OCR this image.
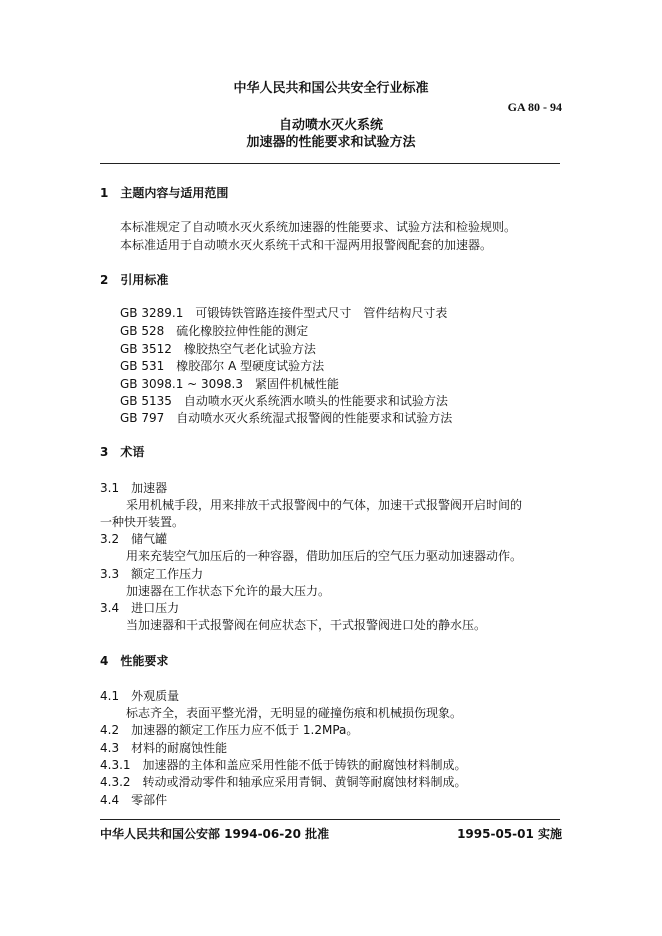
中华人民共和国公共安全行业标准
GA 80 - 94
自动喷水灭火系统
加速器的性能要求和试验方法
1　主题内容与适用范围
本标准规定了自动喷水灭火系统加速器的性能要求、试验方法和检验规则。
本标准适用于自动喷水灭火系统干式和干湿两用报警阀配套的加速器。
2　引用标准
GB 3289.1　可锻铸铁管路连接件型式尺寸　管件结构尺寸表
GB 528　硫化橡胶拉伸性能的测定
GB 3512　橡胶热空气老化试验方法
GB 531　橡胶邵尔 A 型硬度试验方法
GB 3098.1 ~ 3098.3　紧固件机械性能
GB 5135　自动喷水灭火系统洒水喷头的性能要求和试验方法
GB 797　自动喷水灭火系统湿式报警阀的性能要求和试验方法
3　术语
3.1　加速器
采用机械手段，用来排放干式报警阀中的气体，加速干式报警阀开启时间的
一种快开装置。
3.2　储气罐
用来充装空气加压后的一种容器，借助加压后的空气压力驱动加速器动作。
3.3　额定工作压力
加速器在工作状态下允许的最大压力。
3.4　进口压力
当加速器和干式报警阀在伺应状态下，干式报警阀进口处的静水压。
4　性能要求
4.1　外观质量
标志齐全，表面平整光滑，无明显的碰撞伤痕和机械损伤现象。
4.2　加速器的额定工作压力应不低于 1.2MPa。
4.3　材料的耐腐蚀性能
4.3.1　加速器的主体和盖应采用性能不低于铸铁的耐腐蚀材料制成。
4.3.2　转动或滑动零件和轴承应采用青铜、黄铜等耐腐蚀材料制成。
4.4　零部件
中华人民共和国公安部 1994-06-20 批准	1995-05-01 实施
